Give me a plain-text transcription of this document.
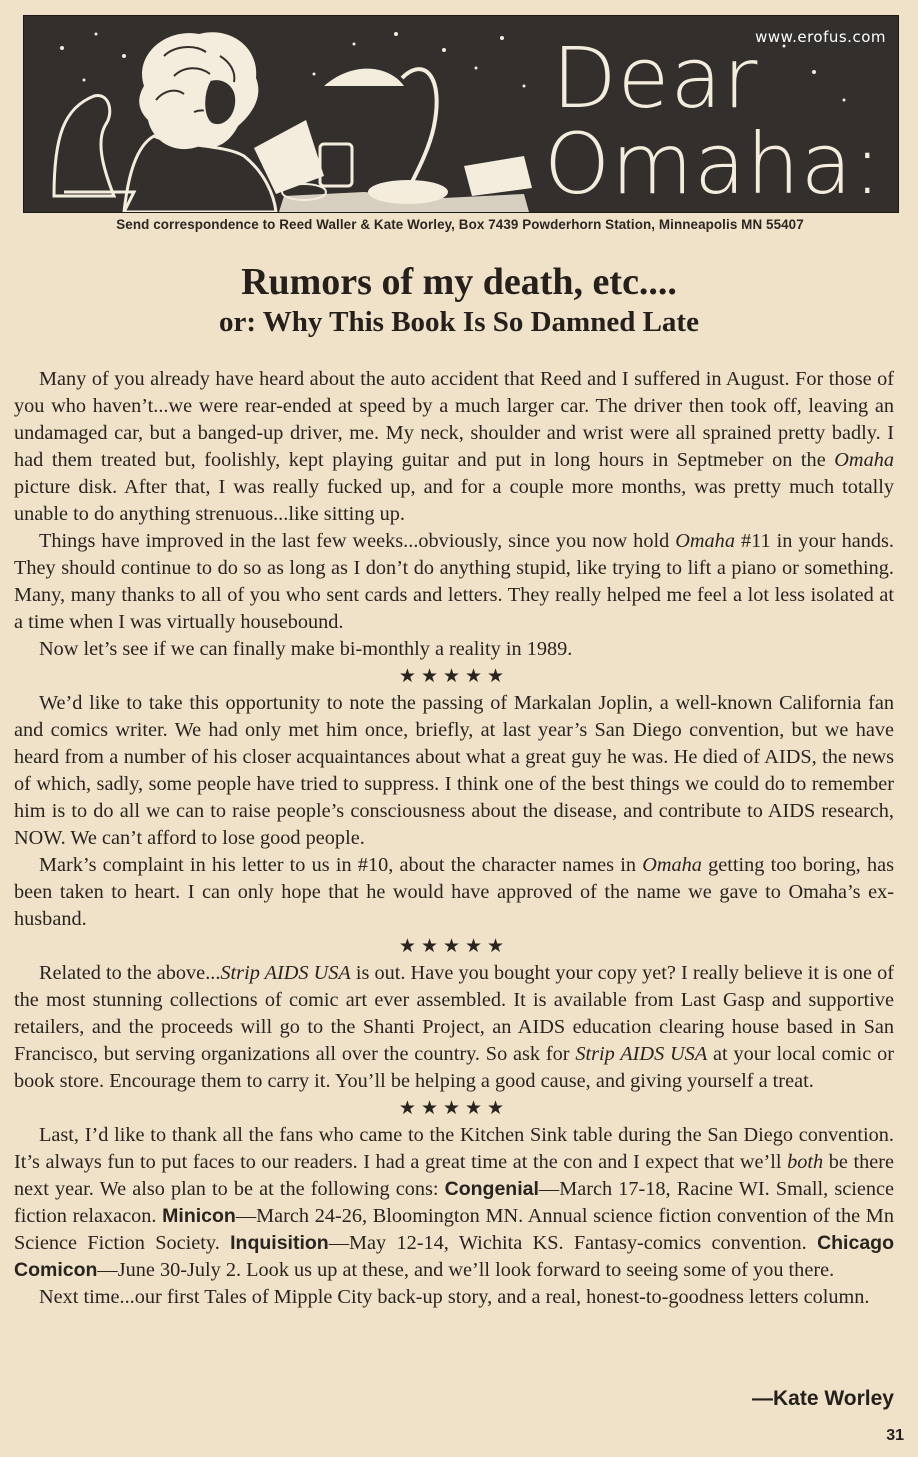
www.erofus.com
Dear
Omaha:
Send correspondence to Reed Waller & Kate Worley, Box 7439 Powderhorn Station, Minneapolis MN 55407
Rumors of my death, etc....
or: Why This Book Is So Damned Late

Many of you already have heard about the auto accident that Reed and I suffered in August. For those of you who haven’t...we were rear-ended at speed by a much larger car. The driver then took off, leaving an undamaged car, but a banged-up driver, me. My neck, shoulder and wrist were all sprained pretty badly. I had them treated but, foolishly, kept playing guitar and put in long hours in Septmeber on the Omaha picture disk. After that, I was really fucked up, and for a couple more months, was pretty much totally unable to do anything strenuous...like sitting up.

Things have improved in the last few weeks...obviously, since you now hold Omaha #11 in your hands. They should continue to do so as long as I don’t do anything stupid, like trying to lift a piano or something. Many, many thanks to all of you who sent cards and letters. They really helped me feel a lot less isolated at a time when I was virtually housebound.

Now let’s see if we can finally make bi-monthly a reality in 1989.

★★★★★

We’d like to take this opportunity to note the passing of Markalan Joplin, a well-known California fan and comics writer. We had only met him once, briefly, at last year’s San Diego convention, but we have heard from a number of his closer acquaintances about what a great guy he was. He died of AIDS, the news of which, sadly, some people have tried to suppress. I think one of the best things we could do to remember him is to do all we can to raise people’s consciousness about the disease, and contribute to AIDS research, NOW. We can’t afford to lose good people.

Mark’s complaint in his letter to us in #10, about the character names in Omaha getting too boring, has been taken to heart. I can only hope that he would have approved of the name we gave to Omaha’s ex-husband.

★★★★★

Related to the above...Strip AIDS USA is out. Have you bought your copy yet? I really believe it is one of the most stunning collections of comic art ever assembled. It is available from Last Gasp and supportive retailers, and the proceeds will go to the Shanti Project, an AIDS education clearing house based in San Francisco, but serving organizations all over the country. So ask for Strip AIDS USA at your local comic or book store. Encourage them to carry it. You’ll be helping a good cause, and giving yourself a treat.

★★★★★

Last, I’d like to thank all the fans who came to the Kitchen Sink table during the San Diego convention. It’s always fun to put faces to our readers. I had a great time at the con and I expect that we’ll both be there next year. We also plan to be at the following cons: Congenial—March 17-18, Racine WI. Small, science fiction relaxacon. Minicon—March 24-26, Bloomington MN. Annual science fiction convention of the Mn Science Fiction Society. Inquisition—May 12-14, Wichita KS. Fantasy-comics convention. Chicago Comicon—June 30-July 2. Look us up at these, and we’ll look forward to seeing some of you there.

Next time...our first Tales of Mipple City back-up story, and a real, honest-to-goodness letters column.

—Kate Worley
31
